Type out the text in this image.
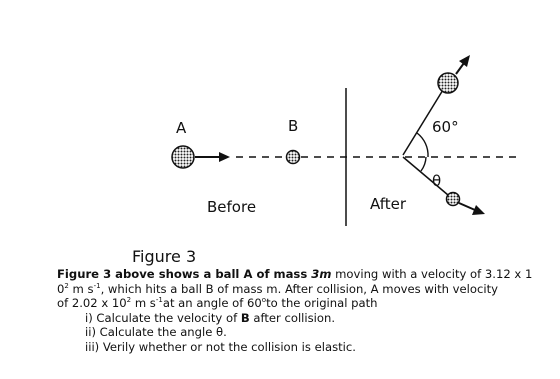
A	B
Before	After
60°
θ
Figure 3
Figure 3 above shows a ball A of mass 3m moving with a velocity of 3.12 x 1
$0^2$ m $s^{-1}$, which hits a ball B of mass m. After collision, A moves with velocity
of 2.02 x $10^2$ m $s^{-1}at$ an angle of 60$^o$to the original path
i) Calculate the velocity of B after collision.
ii) Calculate the angle θ.
iii) Verily whether or not the collision is elastic.
